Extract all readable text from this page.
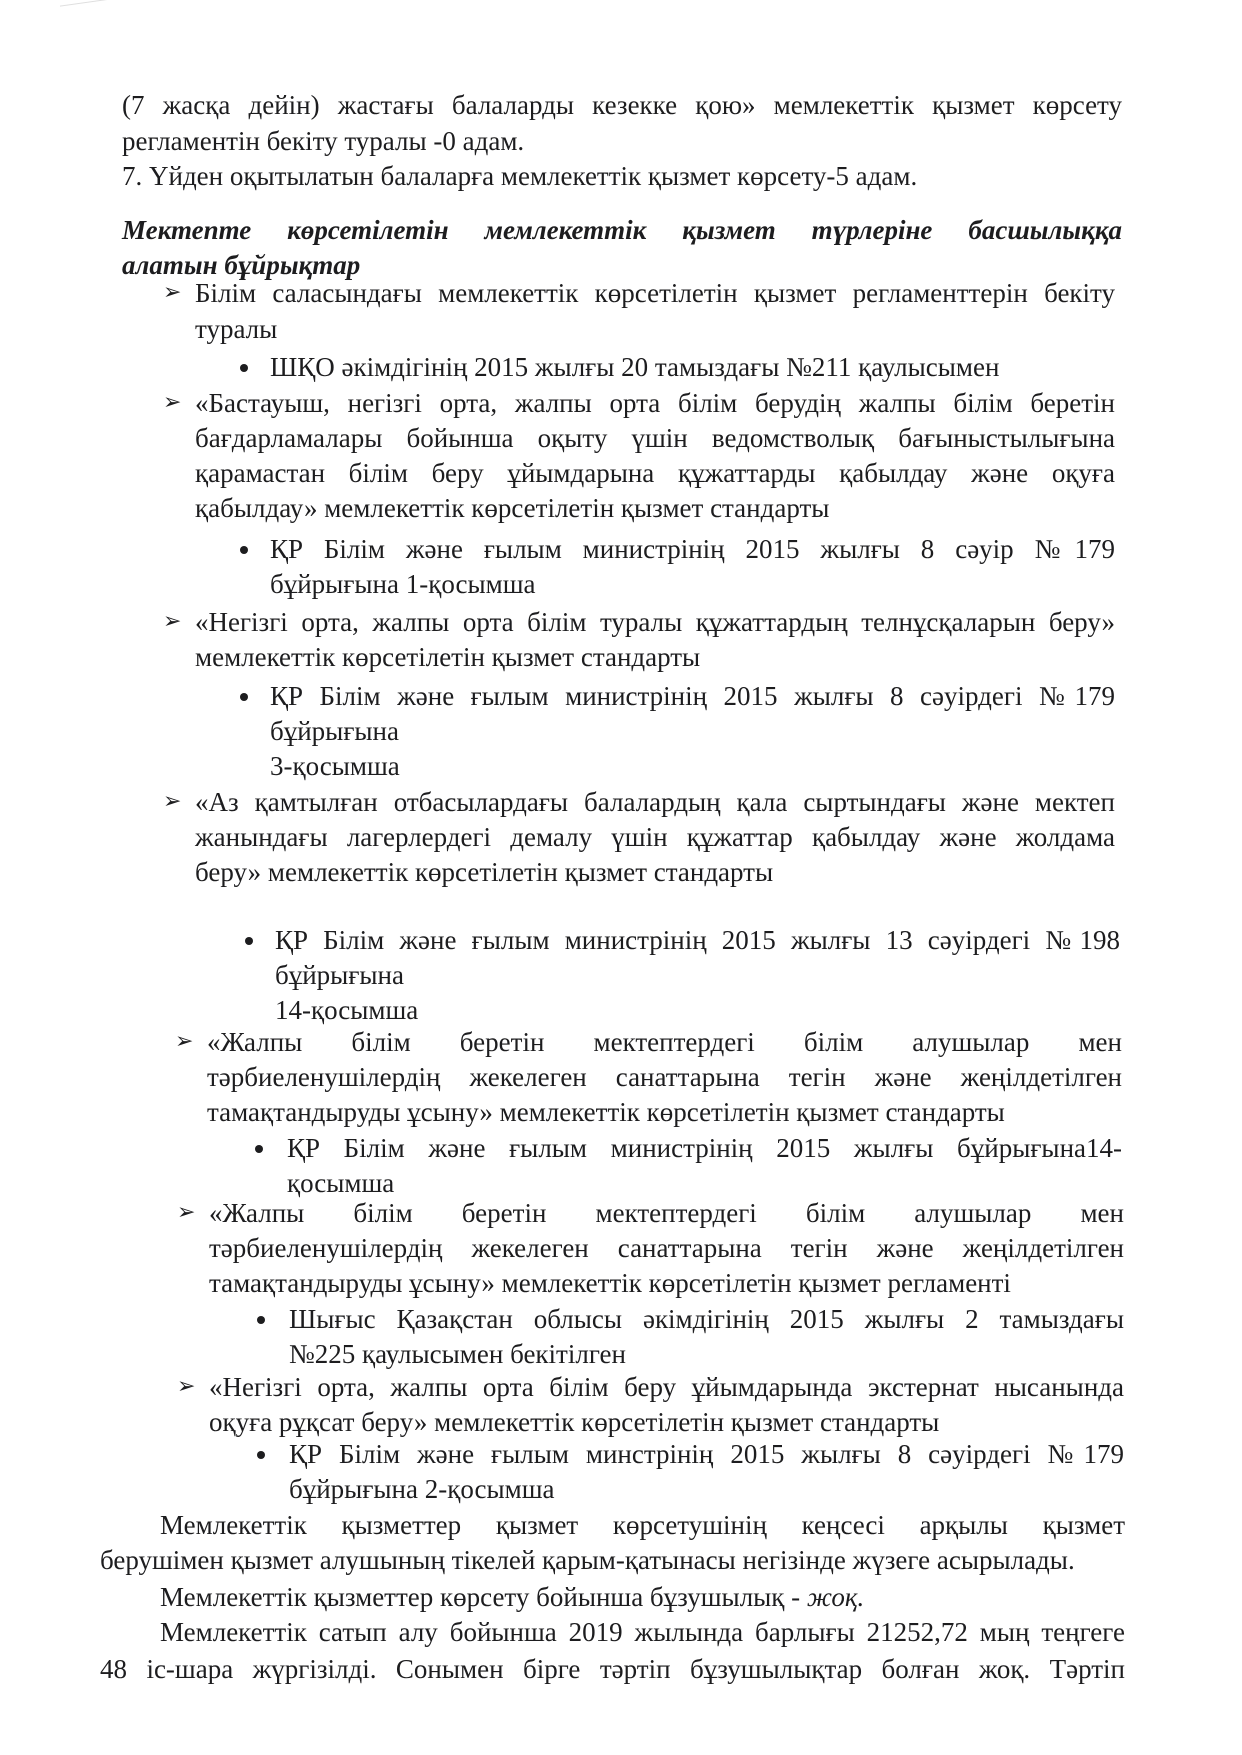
(7 жасқа дейін) жастағы балаларды кезекке қою» мемлекеттік қызмет көрсету
регламентін бекіту туралы -0 адам.
7. Үйден оқытылатын балаларға мемлекеттік қызмет көрсету-5 адам.
Мектепте көрсетілетін мемлекеттік қызмет түрлеріне басшылыққа
алатын бұйрықтар
➢ Білім саласындағы мемлекеттік көрсетілетін қызмет регламенттерін бекіту
туралы
ШҚО әкімдігінің 2015 жылғы 20 тамыздағы №211 қаулысымен
➢ «Бастауыш, негізгі орта, жалпы орта білім берудің жалпы білім беретін
бағдарламалары бойынша оқыту үшін ведомстволық бағыныстылығына
қарамастан білім беру ұйымдарына құжаттарды қабылдау және оқуға
қабылдау» мемлекеттік көрсетілетін қызмет стандарты
ҚР Білім және ғылым министрінің 2015 жылғы 8 сәуір №179
бұйрығына 1-қосымша
➢ «Негізгі орта, жалпы орта білім туралы құжаттардың телнұсқаларын беру»
мемлекеттік көрсетілетін қызмет стандарты
ҚР Білім және ғылым министрінің 2015 жылғы 8 сәуірдегі №179
бұйрығына
3-қосымша
➢ «Аз қамтылған отбасылардағы балалардың қала сыртындағы және мектеп
жанындағы лагерлердегі демалу үшін құжаттар қабылдау және жолдама
беру» мемлекеттік көрсетілетін қызмет стандарты
ҚР Білім және ғылым министрінің 2015 жылғы 13 сәуірдегі №198
бұйрығына
14-қосымша
➢ «Жалпы білім беретін мектептердегі білім алушылар мен
тәрбиеленушілердің жекелеген санаттарына тегін және жеңілдетілген
тамақтандыруды ұсыну» мемлекеттік көрсетілетін қызмет стандарты
ҚР Білім және ғылым министрінің 2015 жылғы бұйрығына14-
қосымша
➢ «Жалпы білім беретін мектептердегі білім алушылар мен
тәрбиеленушілердің жекелеген санаттарына тегін және жеңілдетілген
тамақтандыруды ұсыну» мемлекеттік көрсетілетін қызмет регламенті
Шығыс Қазақстан облысы әкімдігінің 2015 жылғы 2 тамыздағы
№225 қаулысымен бекітілген
➢ «Негізгі орта, жалпы орта білім беру ұйымдарында экстернат нысанында
оқуға рұқсат беру» мемлекеттік көрсетілетін қызмет стандарты
ҚР Білім және ғылым минстрінің 2015 жылғы 8 сәуірдегі №179
бұйрығына 2-қосымша
Мемлекеттік қызметтер қызмет көрсетушінің кеңсесі арқылы қызмет
берушімен қызмет алушының тікелей қарым-қатынасы негізінде жүзеге асырылады.
Мемлекеттік қызметтер көрсету бойынша бұзушылық - жоқ.
Мемлекеттік сатып алу бойынша 2019 жылында барлығы 21252,72 мың теңгеге
48 іс-шара жүргізілді. Сонымен бірге тәртіп бұзушылықтар болған жоқ. Тәртіп
